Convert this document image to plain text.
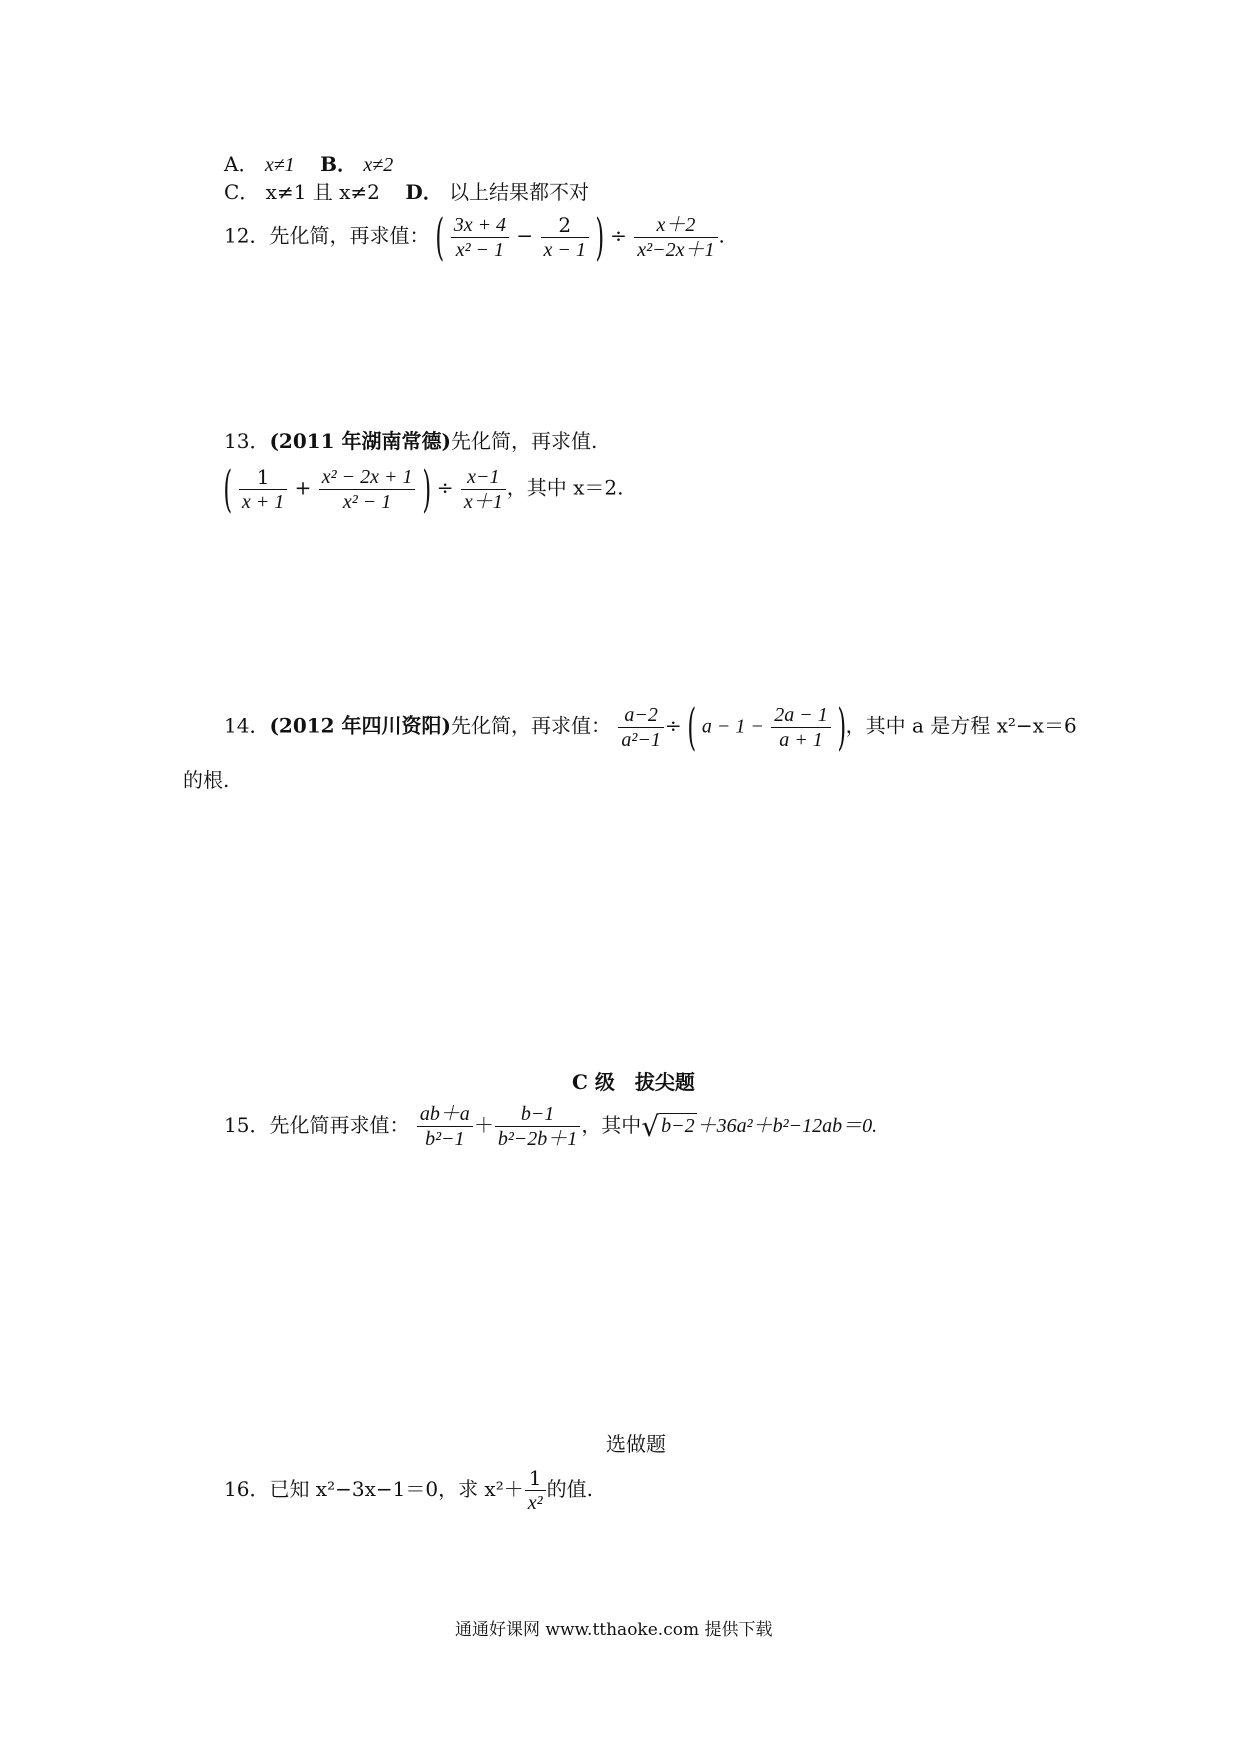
A． x≠1 B． x≠2
C． x≠1 且 x≠2 D． 以上结果都不对
12．先化简，再求值： ( $\frac{3x + 4}{\text{x² − 1}} - \frac{2}{x - 1}$ ) ÷ $\frac{x+2}{\text{x²−2x＋1}}$ .
13．(2011 年湖南常德)先化简，再求值.
( $\frac{1}{x + 1} + \frac{\text{x² − 2x + 1}}{\text{x² − 1}}$ ) ÷ $\frac{x-1}{x+1}$ ，其中 x＝2.
14．(2012 年四川资阳)先化简，再求值： $\frac{a-2}{\text{a²−1}}$ ÷ ( $a - 1 - \frac{2a - 1}{a + 1}$ )，其中 a 是方程 x²−x＝6
的根.
C 级　拔尖题
15．先化简再求值： $\frac{ab+a}{\text{b²−1}} + \frac{b-1}{\text{b²−2b＋1}}$ ，其中√ b−2 ＋36a²＋b²−12ab＝0.
选做题
16．已知 x²−3x−1＝0，求 $x^2+ \frac{1}{\text{x²}}$ 的值.
通通好课网 www.tthaoke.com 提供下载
